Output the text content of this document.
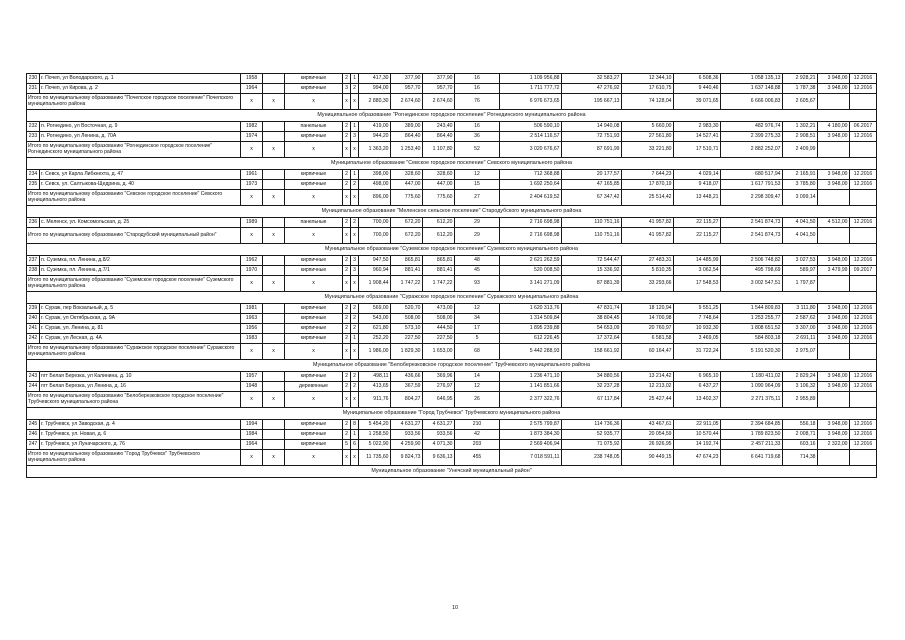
230	г. Почеп, ул Володарского, д. 1	1958		кирпичные	2	1	417,30	377,90	377,90	16	1 109 956,88	32 583,27	12 344,10	6 508,36	1 058 135,13	2 928,21	3 948,00	12.2016
231	г. Почеп, ул Кирова, д. 2	1964		кирпичные	3	2	994,00	957,70	957,70	16	1 711 777,72	47 276,92	17 610,75	9 440,46	1 637 148,88	1 787,38	3 948,00	12.2016
Итого по муниципальному образованию "Почепское городское поселение" Почепского муниципального района		x	x	x	x	x	2 880,30	2 674,60	2 674,60	76	6 976 673,65	195 667,13	74 128,04	39 071,65	6 666 006,83	2 605,67		
Муниципальное образование "Рогнединское городское поселение" Рогнединского муниципального района																		
232	п. Рогнедино, ул Восточная, д. 9	1982		панельные	2	1	419,00	389,00	243,40	16	506 590,10	14 940,08	5 660,00	2 983,30	482 976,74	1 302,21	4 180,00	06.2017
233	п. Рогнедино, ул Ленина, д. 70А	1974		кирпичные	2	3	944,20	864,40	864,40	36	2 514 116,57	72 751,93	27 561,80	14 527,41	2 399 275,33	2 908,51	3 948,00	12.2016
Итого по муниципальному образованию "Рогнединское городское поселение" Рогнединского муниципального района		x	x	x	x	x	1 363,20	1 253,40	1 107,80	52	3 020 676,67	87 691,99	33 221,80	17 510,71	2 882 252,07	2 409,99		
Муниципальное образование "Севское городское поселение" Севского муниципального района																		
234	г. Севск, ул Карла Либкнехта, д. 47	1961		кирпичные	2	1	398,00	328,60	328,60	12	712 368,88	20 177,57	7 644,23	4 029,14	680 517,94	2 165,91	3 948,00	12.2016
235	г. Севск, ул. Салтыкова-Щедрина, д. 40	1973		кирпичные	2	2	498,00	447,00	447,00	15	1 692 250,64	47 165,85	17 870,19	9 418,07	1 617 791,53	3 785,80	3 948,00	12.2016
Итого по муниципальному образованию "Севское городское поселение" Севского муниципального района		x	x	x	x	x	896,00	775,60	775,60	27	2 404 619,52	67 347,42	25 514,42	13 448,21	2 298 309,47	3 099,14		
Муниципальное образование "Меленское сельское поселение" Стародубского муниципального района																		
236	с. Меленск, ул. Комсомольская, д. 25	1989		панельные	2	2	700,00	672,20	612,20	29	2 716 698,98	110 751,16	41 957,82	22 115,27	2 541 874,73	4 041,50	4 512,00	12.2016
Итого по муниципальному образованию "Стародубский муниципальный район"		x	x	x	x	x	700,00	672,20	612,20	29	2 716 698,98	110 751,16	41 957,82	22 115,27	2 541 874,73	4 041,50		
Муниципальное образование "Суземское городское поселение" Суземского муниципального района																		
237	п. Суземка, пл. Ленина, д.8/2	1962		кирпичные	2	3	947,50	865,81	865,81	48	2 621 262,59	72 544,47	27 483,31	14 485,99	2 506 748,82	3 027,53	3 948,00	12.2016
238	п. Суземка, пл. Ленина, д.7/1	1970		кирпичные	2	3	960,94	881,41	881,41	45	520 008,50	15 336,92	5 810,35	3 062,54	495 798,69	589,97	3 479,99	09.2017
Итого по муниципальному образованию "Суземское городское поселение" Суземского муниципального района		x	x	x	x	x	1 908,44	1 747,22	1 747,22	93	3 141 271,09	87 881,39	33 293,66	17 548,53	3 002 547,51	1 797,87		
Муниципальное образование "Суражское городское поселение" Суражского муниципального района																		
239	г. Сураж, пер Вокзальный, д. 5	1981		кирпичные	2	2	569,00	520,70	473,00	12	1 620 313,76	47 831,74	18 120,94	9 551,25	1 544 809,83	3 111,80	3 948,00	12.2016
240	г. Сураж, ул Октябрьская, д. 9А	1963		кирпичные	2	2	543,00	508,00	508,00	34	1 314 509,84	38 804,45	14 700,98	7 748,64	1 253 255,77	2 587,62	3 948,00	12.2016
241	г. Сураж, ул. Ленина, д. 81	1956		кирпичные	2	2	621,80	573,10	444,50	17	1 895 239,88	54 653,09	20 760,97	10 932,30	1 808 651,52	3 307,00	3 948,00	12.2016
242	г. Сураж, ул Лесная, д. 4А	1983		кирпичные	2	1	252,20	227,50	227,50	5	612 226,45	17 372,64	6 581,58	3 469,05	584 803,18	2 691,11	3 948,00	12.2016
Итого по муниципальному образованию "Суражское городское поселение" Суражского муниципального района		x	x	x	x	x	1 986,00	1 829,30	1 653,00	68	5 442 288,93	158 661,92	60 164,47	31 722,24	5 191 520,30	2 975,07		
Муниципальное образование "Белоберезковское городское поселение" Трубчевского муниципального района																		
243	пгт Белая Березка, ул Калинина, д. 10	1957		кирпичные	2	2	498,11	436,66	369,96	14	1 236 471,10	34 880,56	13 214,42	6 965,10	1 180 411,02	2 829,24	3 948,00	12.2016
244	пгт Белая Березка, ул Ленина, д. 16	1948		деревянные	2	2	413,65	367,59	276,97	12	1 141 851,66	32 237,28	12 213,02	6 437,27	1 090 964,09	3 106,32	3 948,00	12.2016
Итого по муниципальному образованию "Белоберезковское городское поселение" Трубчевского муниципального района		x	x	x	x	x	911,76	804,27	646,95	26	2 377 322,76	67 117,84	25 427,44	13 402,37	2 271 375,11	2 955,89		
Муниципальное образование "Город Трубчевск" Трубчевского муниципального района																		
245	г. Трубчевск, ул Заводская, д. 4	1994		кирпичные	2	8	5 454,20	4 631,27	4 631,27	210	2 575 799,87	114 736,36	43 467,61	22 911,05	2 394 684,85	556,18	3 948,00	12.2016
246	г. Трубчевск, ул. Новая, д. 6	1984		кирпичные	2	1	1 258,50	933,56	933,56	42	1 873 384,30	52 935,77	20 054,59	10 570,44	1 789 823,50	2 008,71	3 948,00	12.2016
247	г. Трубчевск, ул Луначарского, д. 76	1964		кирпичные	5	6	5 022,90	4 259,90	4 071,30	203	2 569 406,94	71 075,92	26 926,95	14 192,74	2 457 211,33	603,16	2 322,00	12.2016
Итого по муниципальному образованию "Город Трубчевск" Трубчевского муниципального района		x	x	x	x	x	11 735,60	9 824,73	9 636,13	455	7 018 591,11	238 748,05	90 449,15	47 674,23	6 641 719,68	714,38		
Муниципальное образование "Унечский муниципальный район"																		
10
